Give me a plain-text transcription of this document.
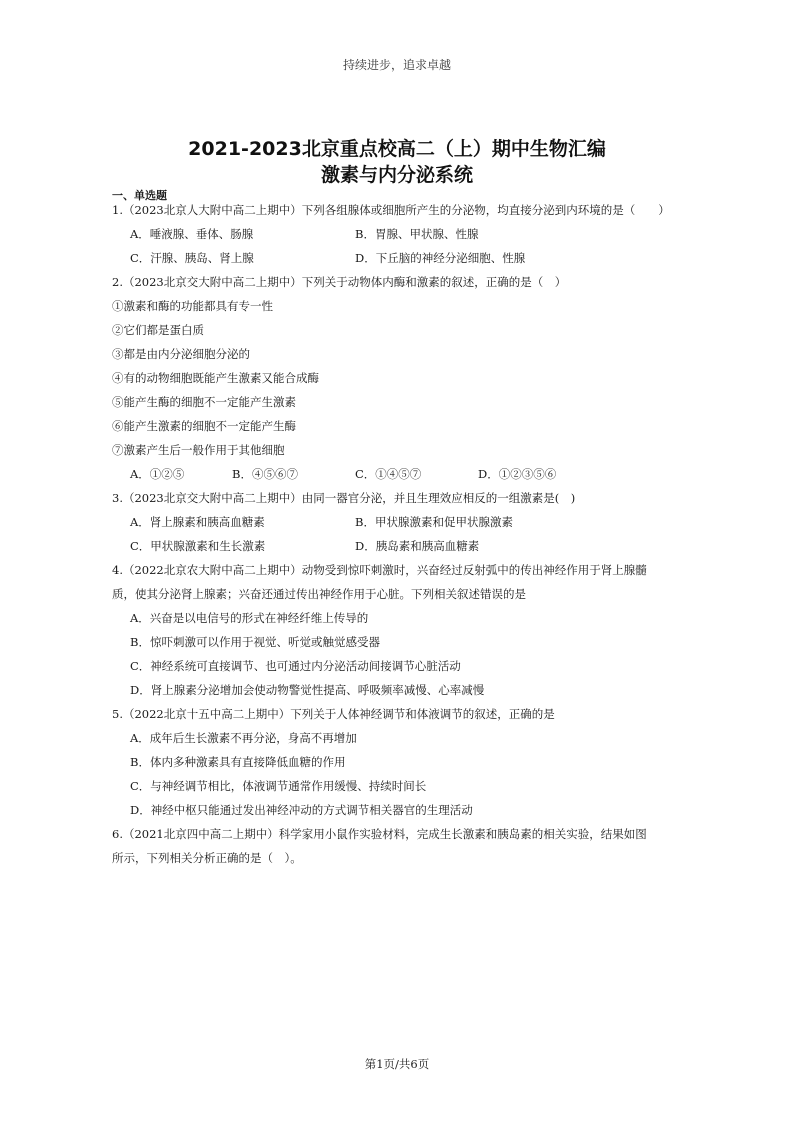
持续进步，追求卓越
2021-2023北京重点校高二（上）期中生物汇编
激素与内分泌系统
一、单选题
1.（2023北京人大附中高二上期中）下列各组腺体或细胞所产生的分泌物，均直接分泌到内环境的是（　　）
A．唾液腺、垂体、肠腺	B．胃腺、甲状腺、性腺
C．汗腺、胰岛、肾上腺	D．下丘脑的神经分泌细胞、性腺
2.（2023北京交大附中高二上期中）下列关于动物体内酶和激素的叙述，正确的是（　）
①激素和酶的功能都具有专一性
②它们都是蛋白质
③都是由内分泌细胞分泌的
④有的动物细胞既能产生激素又能合成酶
⑤能产生酶的细胞不一定能产生激素
⑥能产生激素的细胞不一定能产生酶
⑦激素产生后一般作用于其他细胞
A．①②⑤	B．④⑤⑥⑦	C．①④⑤⑦	D．①②③⑤⑥
3.（2023北京交大附中高二上期中）由同一器官分泌，并且生理效应相反的一组激素是(　)
A．肾上腺素和胰高血糖素	B．甲状腺激素和促甲状腺激素
C．甲状腺激素和生长激素	D．胰岛素和胰高血糖素
4.（2022北京农大附中高二上期中）动物受到惊吓刺激时，兴奋经过反射弧中的传出神经作用于肾上腺髓
质，使其分泌肾上腺素；兴奋还通过传出神经作用于心脏。下列相关叙述错误的是
A．兴奋是以电信号的形式在神经纤维上传导的
B．惊吓刺激可以作用于视觉、听觉或触觉感受器
C．神经系统可直接调节、也可通过内分泌活动间接调节心脏活动
D．肾上腺素分泌增加会使动物警觉性提高、呼吸频率减慢、心率减慢
5.（2022北京十五中高二上期中）下列关于人体神经调节和体液调节的叙述，正确的是
A．成年后生长激素不再分泌，身高不再增加
B．体内多种激素具有直接降低血糖的作用
C．与神经调节相比，体液调节通常作用缓慢、持续时间长
D．神经中枢只能通过发出神经冲动的方式调节相关器官的生理活动
6.（2021北京四中高二上期中）科学家用小鼠作实验材料，完成生长激素和胰岛素的相关实验，结果如图
所示，下列相关分析正确的是（　）。
第1页/共6页
